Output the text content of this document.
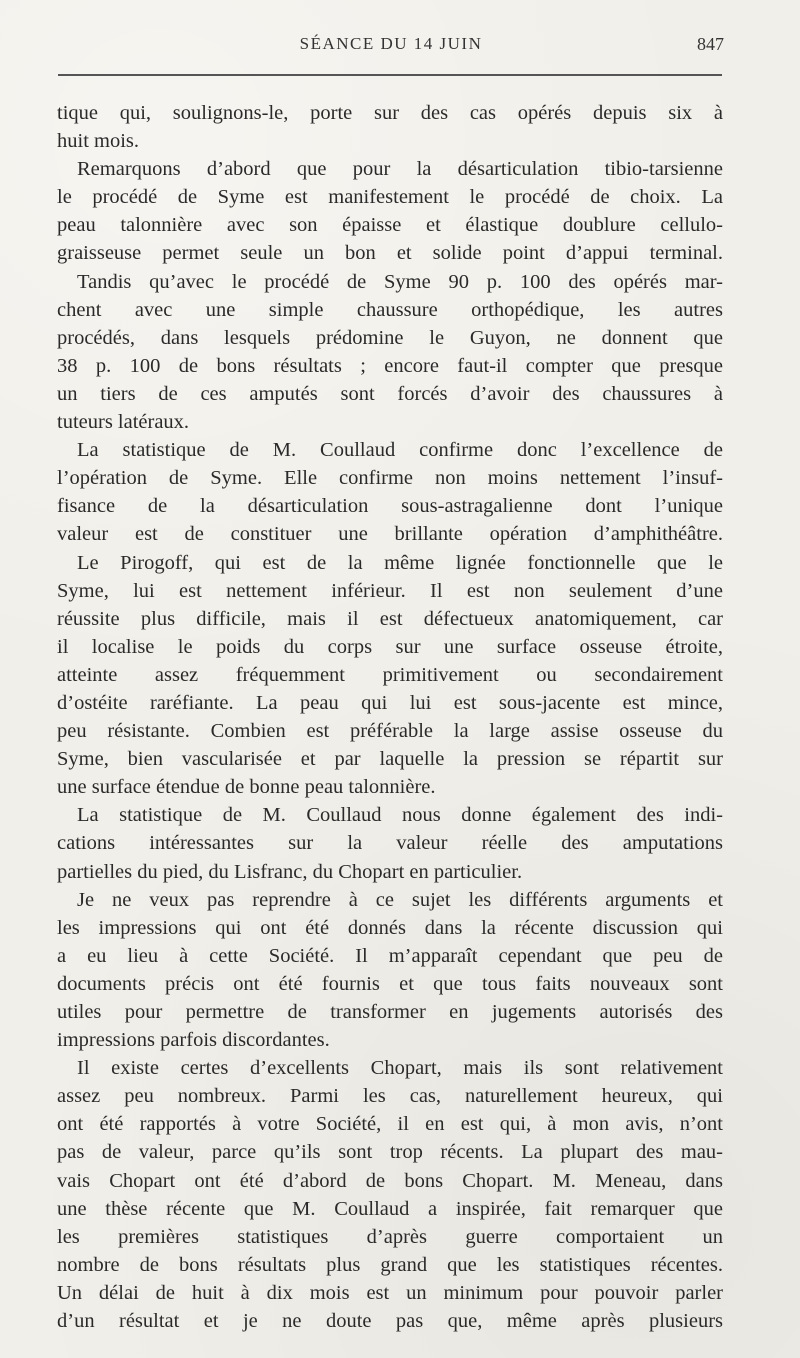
SÉANCE DU 14 JUIN	847
tique qui, soulignons-le, porte sur des cas opérés depuis six à
huit mois.
Remarquons d’abord que pour la désarticulation tibio-tarsienne
le procédé de Syme est manifestement le procédé de choix. La
peau talonnière avec son épaisse et élastique doublure cellulo-
graisseuse permet seule un bon et solide point d’appui terminal.
Tandis qu’avec le procédé de Syme 90 p. 100 des opérés mar-
chent avec une simple chaussure orthopédique, les autres
procédés, dans lesquels prédomine le Guyon, ne donnent que
38 p. 100 de bons résultats ; encore faut-il compter que presque
un tiers de ces amputés sont forcés d’avoir des chaussures à
tuteurs latéraux.
La statistique de M. Coullaud confirme donc l’excellence de
l’opération de Syme. Elle confirme non moins nettement l’insuf-
fisance de la désarticulation sous-astragalienne dont l’unique
valeur est de constituer une brillante opération d’amphithéâtre.
Le Pirogoff, qui est de la même lignée fonctionnelle que le
Syme, lui est nettement inférieur. Il est non seulement d’une
réussite plus difficile, mais il est défectueux anatomiquement, car
il localise le poids du corps sur une surface osseuse étroite,
atteinte assez fréquemment primitivement ou secondairement
d’ostéite raréfiante. La peau qui lui est sous-jacente est mince,
peu résistante. Combien est préférable la large assise osseuse du
Syme, bien vascularisée et par laquelle la pression se répartit sur
une surface étendue de bonne peau talonnière.
La statistique de M. Coullaud nous donne également des indi-
cations intéressantes sur la valeur réelle des amputations
partielles du pied, du Lisfranc, du Chopart en particulier.
Je ne veux pas reprendre à ce sujet les différents arguments et
les impressions qui ont été donnés dans la récente discussion qui
a eu lieu à cette Société. Il m’apparaît cependant que peu de
documents précis ont été fournis et que tous faits nouveaux sont
utiles pour permettre de transformer en jugements autorisés des
impressions parfois discordantes.
Il existe certes d’excellents Chopart, mais ils sont relativement
assez peu nombreux. Parmi les cas, naturellement heureux, qui
ont été rapportés à votre Société, il en est qui, à mon avis, n’ont
pas de valeur, parce qu’ils sont trop récents. La plupart des mau-
vais Chopart ont été d’abord de bons Chopart. M. Meneau, dans
une thèse récente que M. Coullaud a inspirée, fait remarquer que
les premières statistiques d’après guerre comportaient un
nombre de bons résultats plus grand que les statistiques récentes.
Un délai de huit à dix mois est un minimum pour pouvoir parler
d’un résultat et je ne doute pas que, même après plusieurs
